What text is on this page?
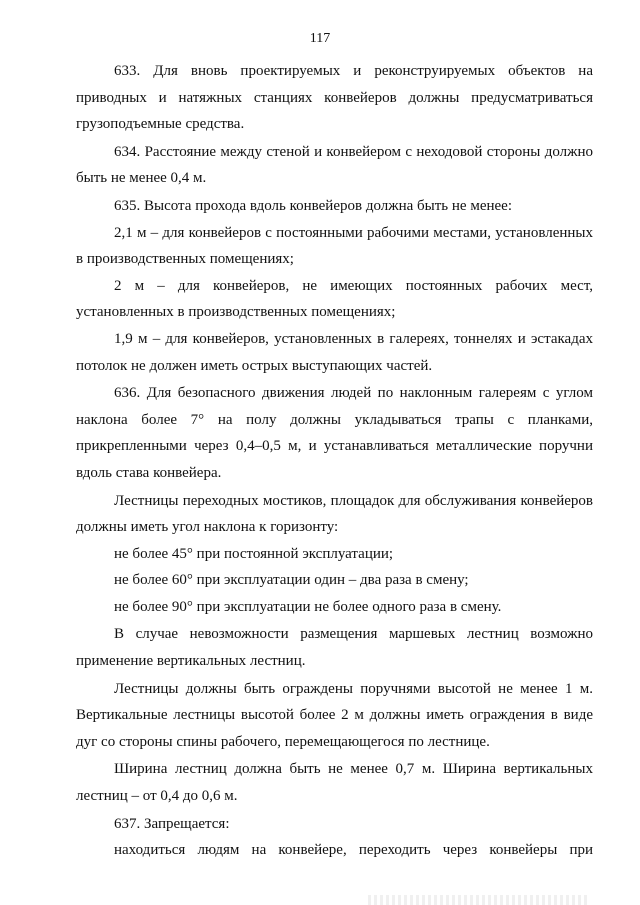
117

633. Для вновь проектируемых и реконструируемых объектов на приводных и натяжных станциях конвейеров должны предусматриваться грузоподъемные средства.

634. Расстояние между стеной и конвейером с неходовой стороны должно быть не менее 0,4 м.

635. Высота прохода вдоль конвейеров должна быть не менее:

2,1 м – для конвейеров с постоянными рабочими местами, установленных в производственных помещениях;

2 м – для конвейеров, не имеющих постоянных рабочих мест, установленных в производственных помещениях;

1,9 м – для конвейеров, установленных в галереях, тоннелях и эстакадах потолок не должен иметь острых выступающих частей.

636. Для безопасного движения людей по наклонным галереям с углом наклона более 7° на полу должны укладываться трапы с планками, прикрепленными через 0,4–0,5 м, и устанавливаться металлические поручни вдоль става конвейера.

Лестницы переходных мостиков, площадок для обслуживания конвейеров должны иметь угол наклона к горизонту:

не более 45° при постоянной эксплуатации;

не более 60° при эксплуатации один – два раза в смену;

не более 90° при эксплуатации не более одного раза в смену.

В случае невозможности размещения маршевых лестниц возможно применение вертикальных лестниц.

Лестницы должны быть ограждены поручнями высотой не менее 1 м. Вертикальные лестницы высотой более 2 м должны иметь ограждения в виде дуг со стороны спины рабочего, перемещающегося по лестнице.

Ширина лестниц должна быть не менее 0,7 м. Ширина вертикальных лестниц – от 0,4 до 0,6 м.

637. Запрещается:

находиться людям на конвейере, переходить через конвейеры при
